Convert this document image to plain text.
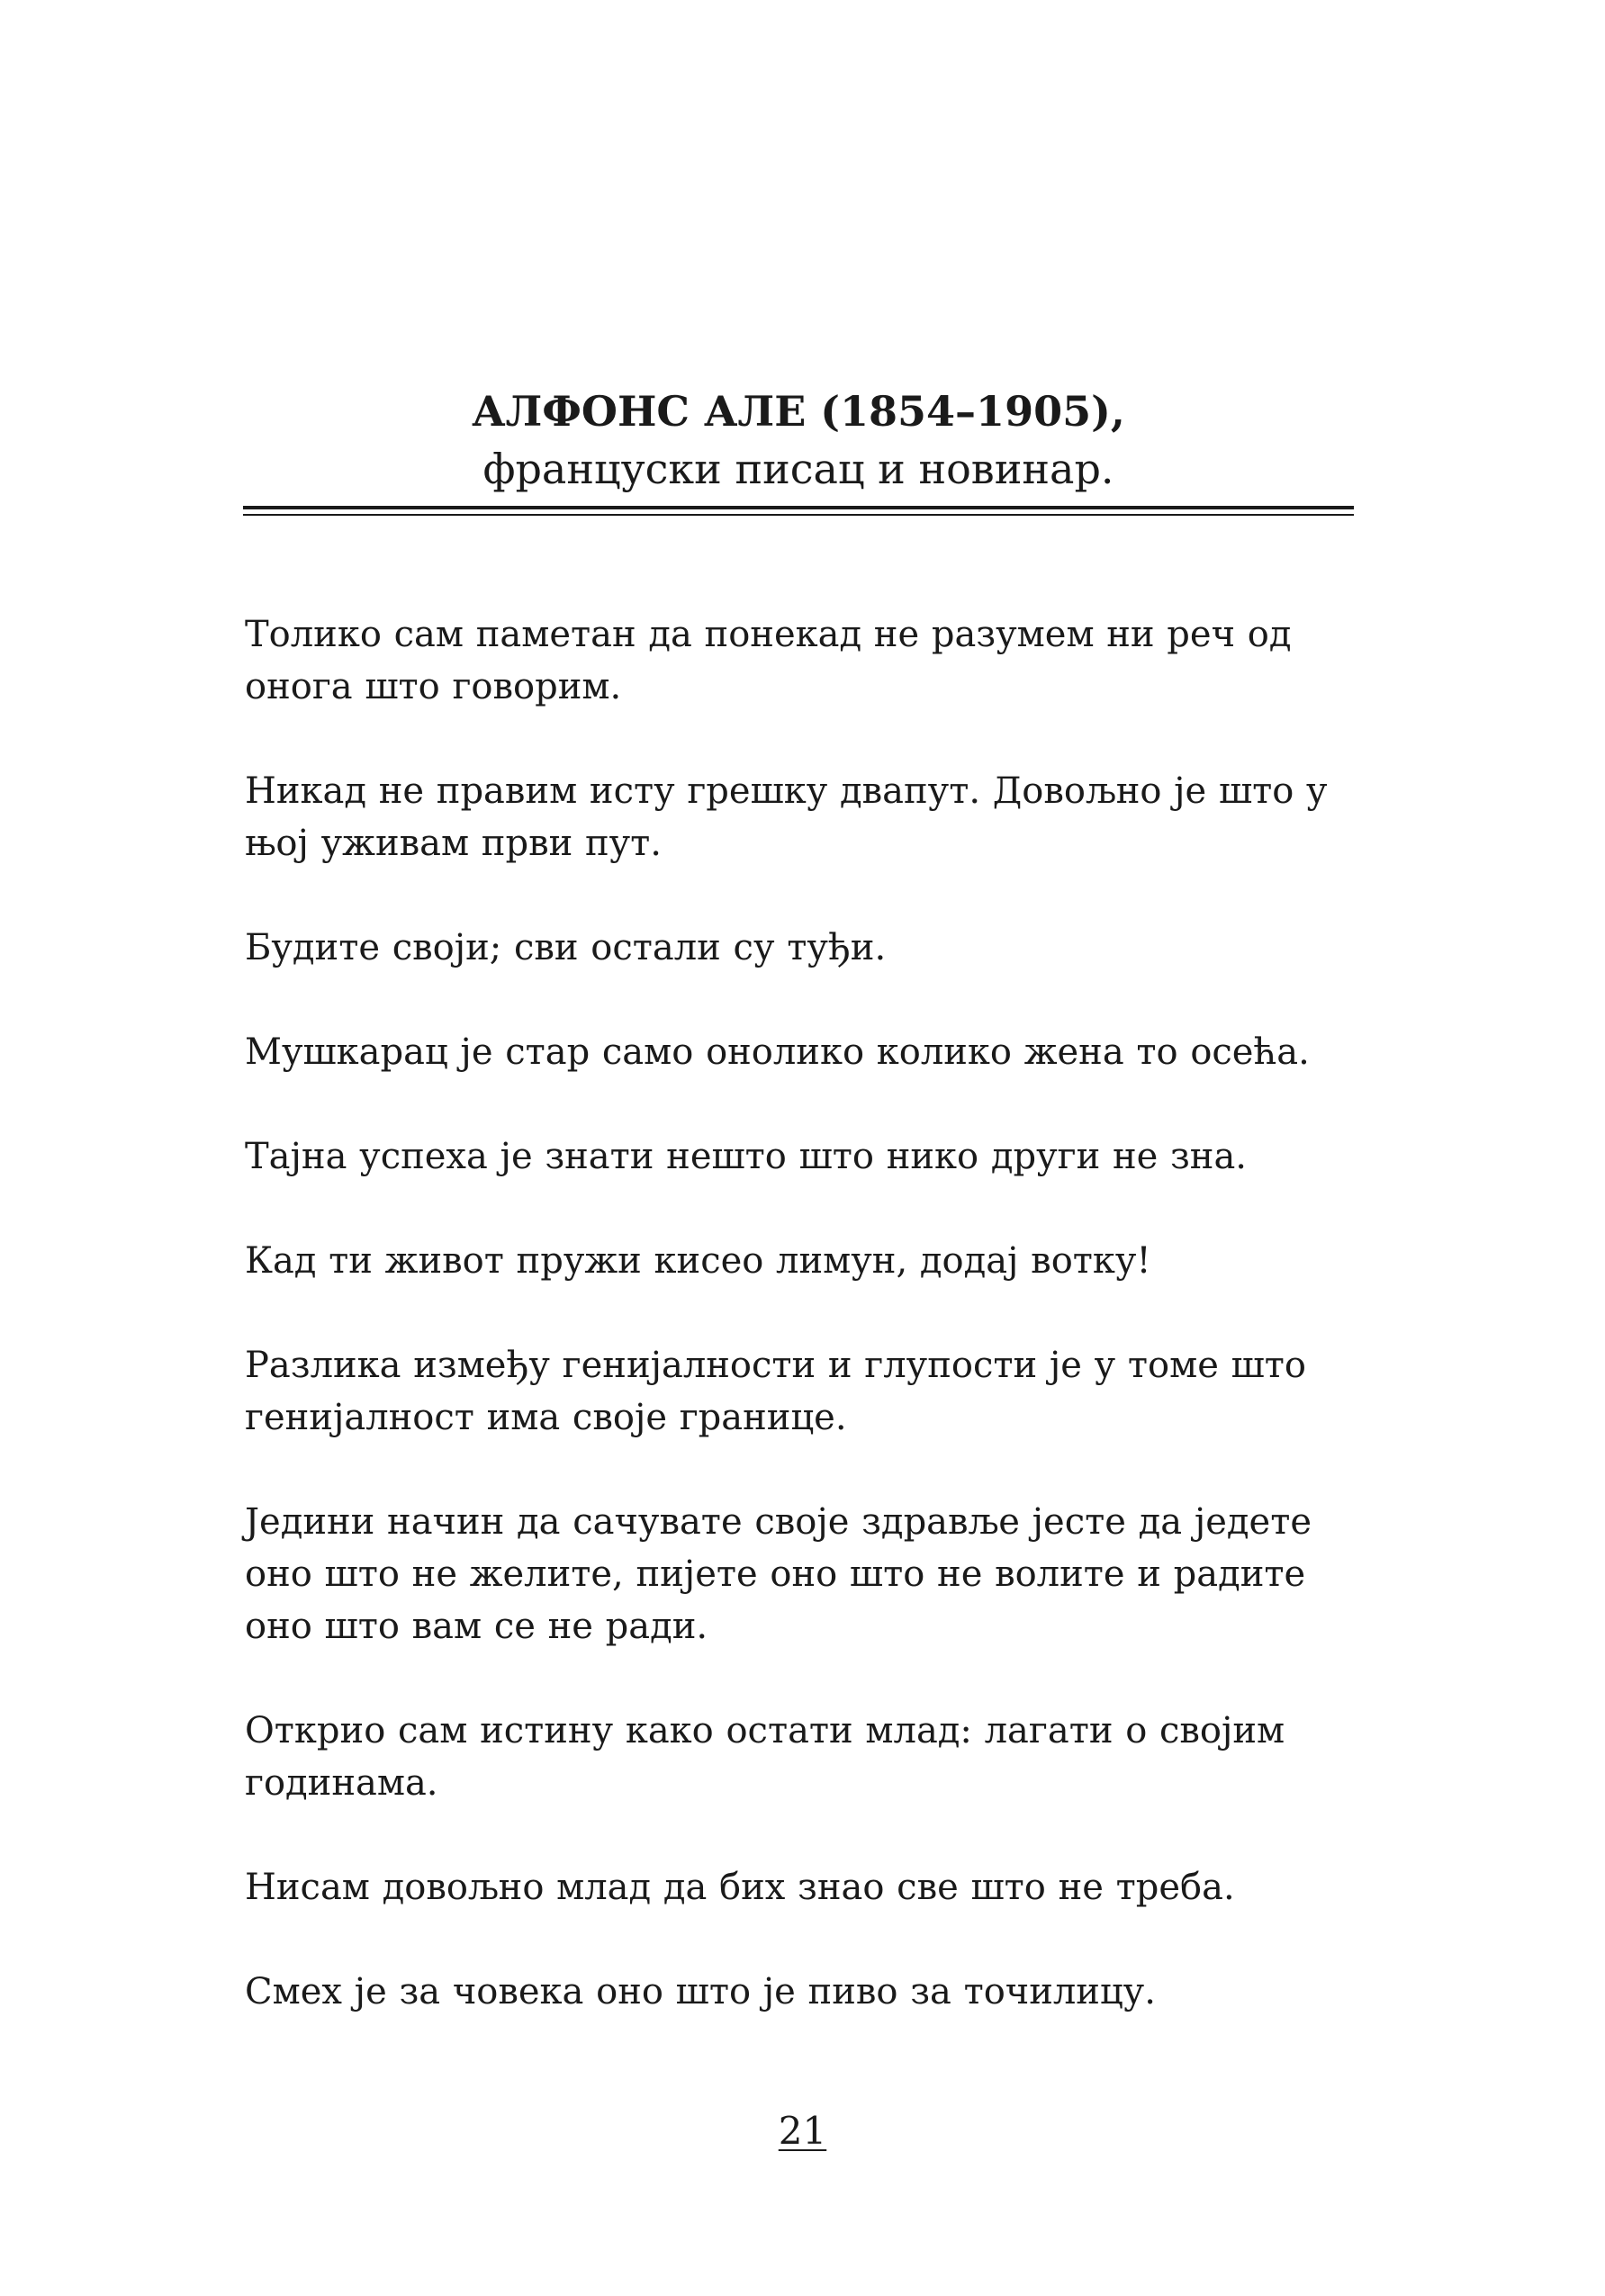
АЛФОНС АЛЕ (1854–1905),
француски писац и новинар.

Толико сам паметан да понекад не разумем ни реч од онога што говорим.

Никад не правим исту грешку двапут. Довољно је што у њој уживам први пут.

Будите своји; сви остали су туђи.

Мушкарац је стар само онолико колико жена то осећа.

Тајна успеха је знати нешто што нико други не зна.

Кад ти живот пружи кисео лимун, додај вотку!

Разлика између генијалности и глупости је у томе што генијалност има своје границе.

Једини начин да сачувате своје здравље јесте да једете оно што не желите, пијете оно што не волите и радите оно што вам се не ради.

Открио сам истину како остати млад: лагати о својим годинама.

Нисам довољно млад да бих знао све што не треба.

Смех је за човека оно што је пиво за точилицу.

21
